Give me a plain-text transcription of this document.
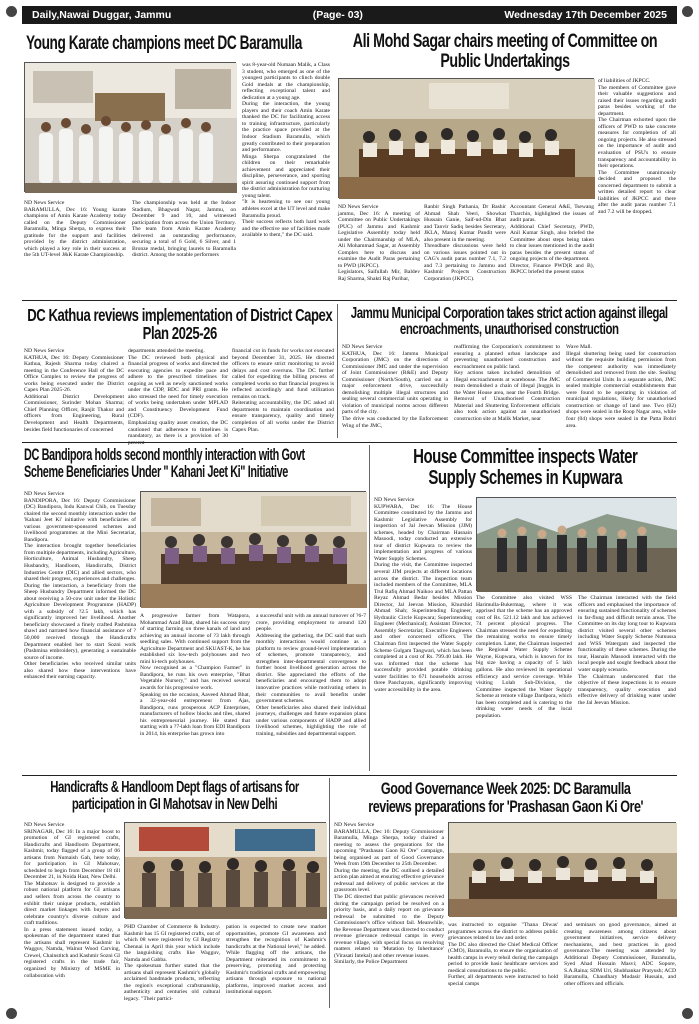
Daily,Nawai Duggar, Jammu	(Page- 03)	Wednesday 17th December 2025
Young Karate champions meet DC Baramulla
ND News Service
BARAMULLA, Dec 16: Young karate champions of Amin Karate Academy today called on the Deputy Commissioner Baramulla, Minga Sherpa, to express their gratitude for the support and facilities provided by the district administration, which played a key role in their success at the 5th UT-level J&K Karate Championship.
The championship was held at the Indoor Stadium, Bhagwati Nagar, Jammu, on December 9 and 10, and witnessed participation from across the Union Territory. The team from Amin Karate Academy delivered an outstanding performance, securing a total of 6 Gold, 6 Silver, and 1 Bronze medal, bringing laurels to Baramulla district. Among the notable performers
was 8-year-old Numaan Malik, a Class 3 student, who emerged as one of the youngest participants to clinch double Gold medals at the championship, reflecting exceptional talent and dedication at a young age.
During the interaction, the young players and their coach Amin Karate thanked the DC for facilitating access to training infrastructure, particularly the practice space provided at the Indoor Stadium Baramulla, which greatly contributed to their preparation and performance.
Minga Sherpa congratulated the children on their remarkable achievement and appreciated their discipline, perseverance, and sporting spirit assuring continued support from the district administration for nurturing young talent.
"It is heartening to see our young athletes excel at the UT level and make Baramulla proud.
Their success reflects both hard work and the effective use of facilities made available to them," the DC said.
Ali Mohd Sagar chairs meeting of Committee on Public Undertakings
ND News Service
jammu, Dec 16: A meeting of Committee on Public Undertakings (PUC) of Jammu and Kashmir Legislative Assembly today held under the Chairmanship of MLA, Ali Mohammad Sagar, at Assembly Complex here to discuss and examine the Audit Paras pertaining to PWD (JKPCC).
Legislators, Saifullah Mir, Baldev Raj Sharma, Shakti Raj Parihar,
Ranbir Singh Pathania, Dr Bashir Ahmad Shah Veeri, Showkat Hussain Ganie, Saif-ud-Din Bhat and Tanvir Sadiq besides Secretary, JKLA, Manoj Kumar Pandit were also present in the meeting.
Threadbare discussions were held on various issues pointed out in CAG's audit paras number 7.1, 7.2 and 7.3 pertaining to Jammu and Kashmir Projects Construction Corporation (JKPCC).
Accountant General A&E, Tsewang Tharchin, highlighted the issues of audit paras.
Additional Chief Secretary, PWD, Anil Kumar Singh, also briefed the Committee about steps being taken to clear issues mentioned in the audit paras besides the present status of ongoing projects of the department.
Director, Finance PWD(R and B), JKPCC briefed the present status
of liabilities of JKPCC.
The members of Committee gave their valuable suggestions and raised their issues regarding audit paras besides working of the department.
The Chairman exhorted upon the officers of PWD to take concrete measures for completion of all ongoing projects. He also stressed on the importance of audit and evaluation of PSU's to ensure transparency and accountability in their operations.
The Committee unanimously decided and proposed the concerned department to submit a written detailed report to clear liabilities of JKPCC and there after the audit paras number 7.1 and 7.2 will be dropped.
DC Kathua reviews implementation of District Capex Plan 2025-26
ND News Service
KATHUA, Dec 16: Deputy Commissioner Kathua, Rajesh Sharma today chaired a meeting in the Conference Hall of the DC Office Complex to review the progress of works being executed under the District Capex Plan 2025-26.
Additional District Development Commissioner, Surinder Mohan Sharma; Chief Planning Officer, Ranjit Thakur and officers from Engineering, Rural Development and Health Departments, besides field functionaries of concerned
departments attended the meeting.
The DC reviewed both physical and financial progress of works and directed the executing agencies to expedite pace and adhere to the prescribed timelines for ongoing as well as newly sanctioned works under the CDP, BDC and PRI grants. He also stressed the need for timely execution of works being undertaken under MPLAD and Constituency Development Fund (CDF).
Emphasizing quality asset creation, the DC cautioned that adherence to timelines is mandatory, as there is a provision of 30
financial cut in funds for works not executed beyond December 31, 2025. He directed officers to ensure strict monitoring to avoid delays and cost overruns. The DC further called for expediting the billing process of completed works so that financial progress is reflected accordingly and fund utilization remains on track.
Reiterating accountability, the DC asked all departments to maintain coordination and ensure transparency, quality and timely completion of all works under the District Capex Plan.
Jammu Municipal Corporation takes strict action against illegal encroachments, unauthorised construction
ND News Service
KATHUA, Dec 16: Jammu Municipal Corporation (JMC) on the directions of Commissioner JMC and under the supervision of Joint Commissioner (R&E) and Deputy Commissioner (North/South), carried out a major enforcement drive, successfully demolishing multiple illegal structures and sealing several commercial units operating in violation of municipal norms across different parts of the city.
The drive was conducted by the Enforcement Wing of the JMC,
reaffirming the Corporation's commitment to ensuring a planned urban landscape and preventing unauthorised construction and encroachment on public land.
Key actions taken included demolition of illegal encroachments at warehouse. The JMC team demolished a chain of illegal jhuggis in the Water House area, near the Fourth Bridge. Removal of Unauthorised Construction Material and Shuttering Enforcement officials also took action against an unauthorised construction site at Malik Market, near
Wave Mall.
Illegal shuttering being used for construction without the requisite building permission from the competent authority was immediately demolished and removed from the site. Sealing of Commercial Units In a separate action, JMC sealed multiple commercial establishments that were found to be operating in violation of municipal regulations, likely for unauthorised construction or change of land use. Two (02) shops were sealed in the Roop Nagar area, while four (04) shops were sealed in the Patta Bohri area.
DC Bandipora holds second monthly interaction with Govt
Scheme Beneficiaries Under " Kahani Jeet Ki" Initiative
ND News Service
BANDIPORA, Dec 16: Deputy Commissioner (DC) Bandipora, Indu Kanwal Chib, on Tuesday chaired the second monthly interaction under the 'Kahani Jeet Ki' initiative with beneficiaries of various government-sponsored schemes and livelihood programmes at the Mini Secretariat, Bandipora.
The interaction brought together beneficiaries from multiple departments, including Agriculture, Horticulture, Animal Husbandry, Sheep Husbandry, Handloom, Handicrafts, District Industries Centre (DIC) and allied sectors, who shared their progress, experiences and challenges.
During the interaction, a beneficiary from the Sheep Husbandry Department informed the DC about receiving a 50-cow unit under the Holistic Agriculture Development Programme (HADP) with a subsidy of ?2.5 lakh, which has significantly improved her livelihood. Another beneficiary showcased a finely crafted Pashmina shawl and narrated how financial assistance of ?50,000 received through the Handicrafts Department enabled her to start Sozni work (Pashmina embroidery), generating a sustainable source of income.
Other beneficiaries who received similar units also shared how these interventions have enhanced their earning capacity.
A progressive farmer from Watapora, Mohammad Azad Bhat, shared his success story of starting farming on three kanals of land and achieving an annual income of ?3 lakh through seedling sales. With continued support from the Agriculture Department and SKUAST-K, he has established six low-tech polyhouses and two mini hi-tech polyhouses.
Now recognised as a "Champion Farmer" in Bandipora, he runs his own enterprise, "Bhat Vegetable Nursery," and has received several awards for his progressive work.
Speaking on the occasion, Aaveed Ahmad Bhat, a 32-year-old entrepreneur from Ajas, Bandipora, runs prosperous ACP Enterprises, manufacturers of hollow blocks and tiles, shared his entrepreneurial journey. He stated that starting with a ?7-lakh loan from EDI Bandipora in 2014, his enterprise has grown into
a successful unit with an annual turnover of ?6-7 crore, providing employment to around 120 people.
Addressing the gathering, the DC said that such monthly interactions would continue as a platform to review ground-level implementation of schemes, promote transparency, and strengthen inter-departmental convergence to further boost livelihood generation across the district. She appreciated the efforts of the beneficiaries and encouraged them to adopt innovative practices while motivating others in their communities to avail benefits under government schemes.
Other beneficiaries also shared their individual journeys, challenges and future expansion plans under various components of HADP and allied livelihood schemes, highlighting the role of training, subsidies and departmental support.
House Committee inspects Water
Supply Schemes in Kupwara
ND News Service
KUPWARA, Dec 16: The House Committee constituted by the Jammu and Kashmir Legislative Assembly for inspection of Jal Jeevan Mission (JJM) schemes, headed by Chairman Hasnain Masoodi, today conducted an extensive tour of district Kupwara to review the implementation and progress of various Water Supply Schemes.
During the visit, the Committee inspected several JJM projects at different locations across the district. The inspection team included members of the Committee, MLA Trul Rafiq Ahmad Naikoo and MLA Pattan Reyaz Ahmad Bedar besides Mission Director, Jal Jeevan Mission, Khurshid Ahmad Shah; Superintending Engineer, Hydraulic Circle Kupwara; Superintending Engineer (Mechanical); Assistant Director, Assembly Secretariat; Executive Engineers and other concerned officers. The Chairman first inspected the Water Supply Scheme Gulgam Tangwari, which has been completed at a cost of Rs. 799.40 lakh. He was informed that the scheme has successfully provided potable drinking water facilities to 671 households across three Panchayats, significantly improving water accessibility in the area.
The Committee also visited WSS Harimulla-Bukermag, where it was apprised that the scheme has an approved cost of Rs. 521.12 lakh and has achieved 74 percent physical progress. The Chairman stressed the need for expediting the remaining works to ensure timely completion. Later, the Chairman inspected the Regional Water Supply Scheme Wayne, Kupwara, which is known for its big size having a capacity of 5 lakh gallons. He also reviewed its operational efficiency and service coverage. While visiting Lolab Sub-Division, the Committee inspected the Water Supply Scheme at remote village Dardpora, which has been completed and is catering to the drinking water needs of the local population.
The Chairman interacted with the field officers and emphasised the importance of ensuring sustained functionality of schemes in far-flung and difficult terrain areas. The Committee on its day long tour to Kupwara district visited several other schemes including Water Supply Scheme Nutnussa and WSS Watergam and inspected the functionality of these schemes. During the tour, Hasnain Masoodi interacted with the local people and sought feedback about the water supply scenario.
The Chairman underscored that the objective of these inspections is to ensure transparency, quality execution and effective delivery of drinking water under the Jal Jeevan Mission.
Handicrafts & Handloom Dept flags of artisans for
participation in GI Mahotsav in New Delhi
ND News Service
SRINAGAR, Dec 16: In a major boost to promotion of GI registered crafts, Handicrafts and Handloom Department, Kashmir, today flagged of a group of 06 artisans from Numaish Gah, here today, for participation in GI Mahotsav, scheduled to begin from December 18 till December 21, in Noida Haat, New Delhi.
The Mahotsav is designed to provide a robust national platform for GI artisans and sellers from across the country to exhibit their unique products, establish direct market linkages with buyers and celebrate country's diverse culture and craft traditions.
In a press statement issued today, a spokesman of the department stated that the artisans shall represent Kashmir in Wagguv, Namda, Walnut Wood Carving, Crewel, Chainstitch and Kashmir Sozni GI registered crafts in the trade fair, organized by Ministry of MSME in collaboration with
PHD Chamber of Commerce & Industry. Kashmir has 15 GI registered crafts, out of which 08 were registered by GI Registry Chennai in April this year which include the languishing crafts like Wagguv, Namda and Gabba.
The spokesman further stated that the artisans shall represent Kashmir's globally acclaimed handmade products, reflecting the region's exceptional craftsmanship, authenticity and centuries old cultural legacy. "Their partici-
pation is expected to create new market opportunities, promote GI awareness and strengthen the recognition of Kashmir's handicrafts at the National level," he added. While flagging off the artisans, the Department reiterated its commitment to preserving, promoting and protecting Kashmir's traditional crafts and empowering artisans through exposure to national platforms, improved market access and institutional support.
Good Governance Week 2025: DC Baramulla
reviews preparations for 'Prashasan Gaon Ki Ore'
ND News Service
BARAMULLA, Dec 16: Deputy Commissioner Baramulla, Minga Sherpa, today chaired a meeting to assess the preparations for the upcoming "Prashasan Gaon Ki Ore" campaign, being organised as part of Good Governance Week from 19th December to 25th December.
During the meeting, the DC outlined a detailed action plan aimed at ensuring effective grievance redressal and delivery of public services at the grassroots level.
The DC directed that public grievances received during the campaign period be resolved on a priority basis, and a daily report on grievance redressal be submitted to the Deputy Commissioner's office without fail. Meanwhile, the Revenue Department was directed to conduct revenue grievance redressal camps in every revenue village, with special focus on resolving matters related to 'Mutation by Inheritance' (Virasati Intekal) and other revenue issues.
Similarly, the Police Department
was instructed to organise "Thana Diwas' programmes across the district to address public grievances related to law and order.
The DC also directed the Chief Medical Officer (CMO), Baramulla, to ensure the organisation of health camps in every tehsil during the campaign period to provide basic healthcare services and medical consultations to the public.
Further, all departments were instructed to hold special camps
and seminars on good governance, aimed at creating awareness among citizens about government initiatives, service delivery mechanisms, and best practices in good governance.The meeting was attended by Additional Deputy Commissioner, Baramulla, Syed Ahad Hussain Masvi; ADC Sopore, S.A.Raina; SDM Uri, Shubhankar Pratyush; ACD Baramulla, Chaudhary Mudasir Hussain, and other officers and officials.
